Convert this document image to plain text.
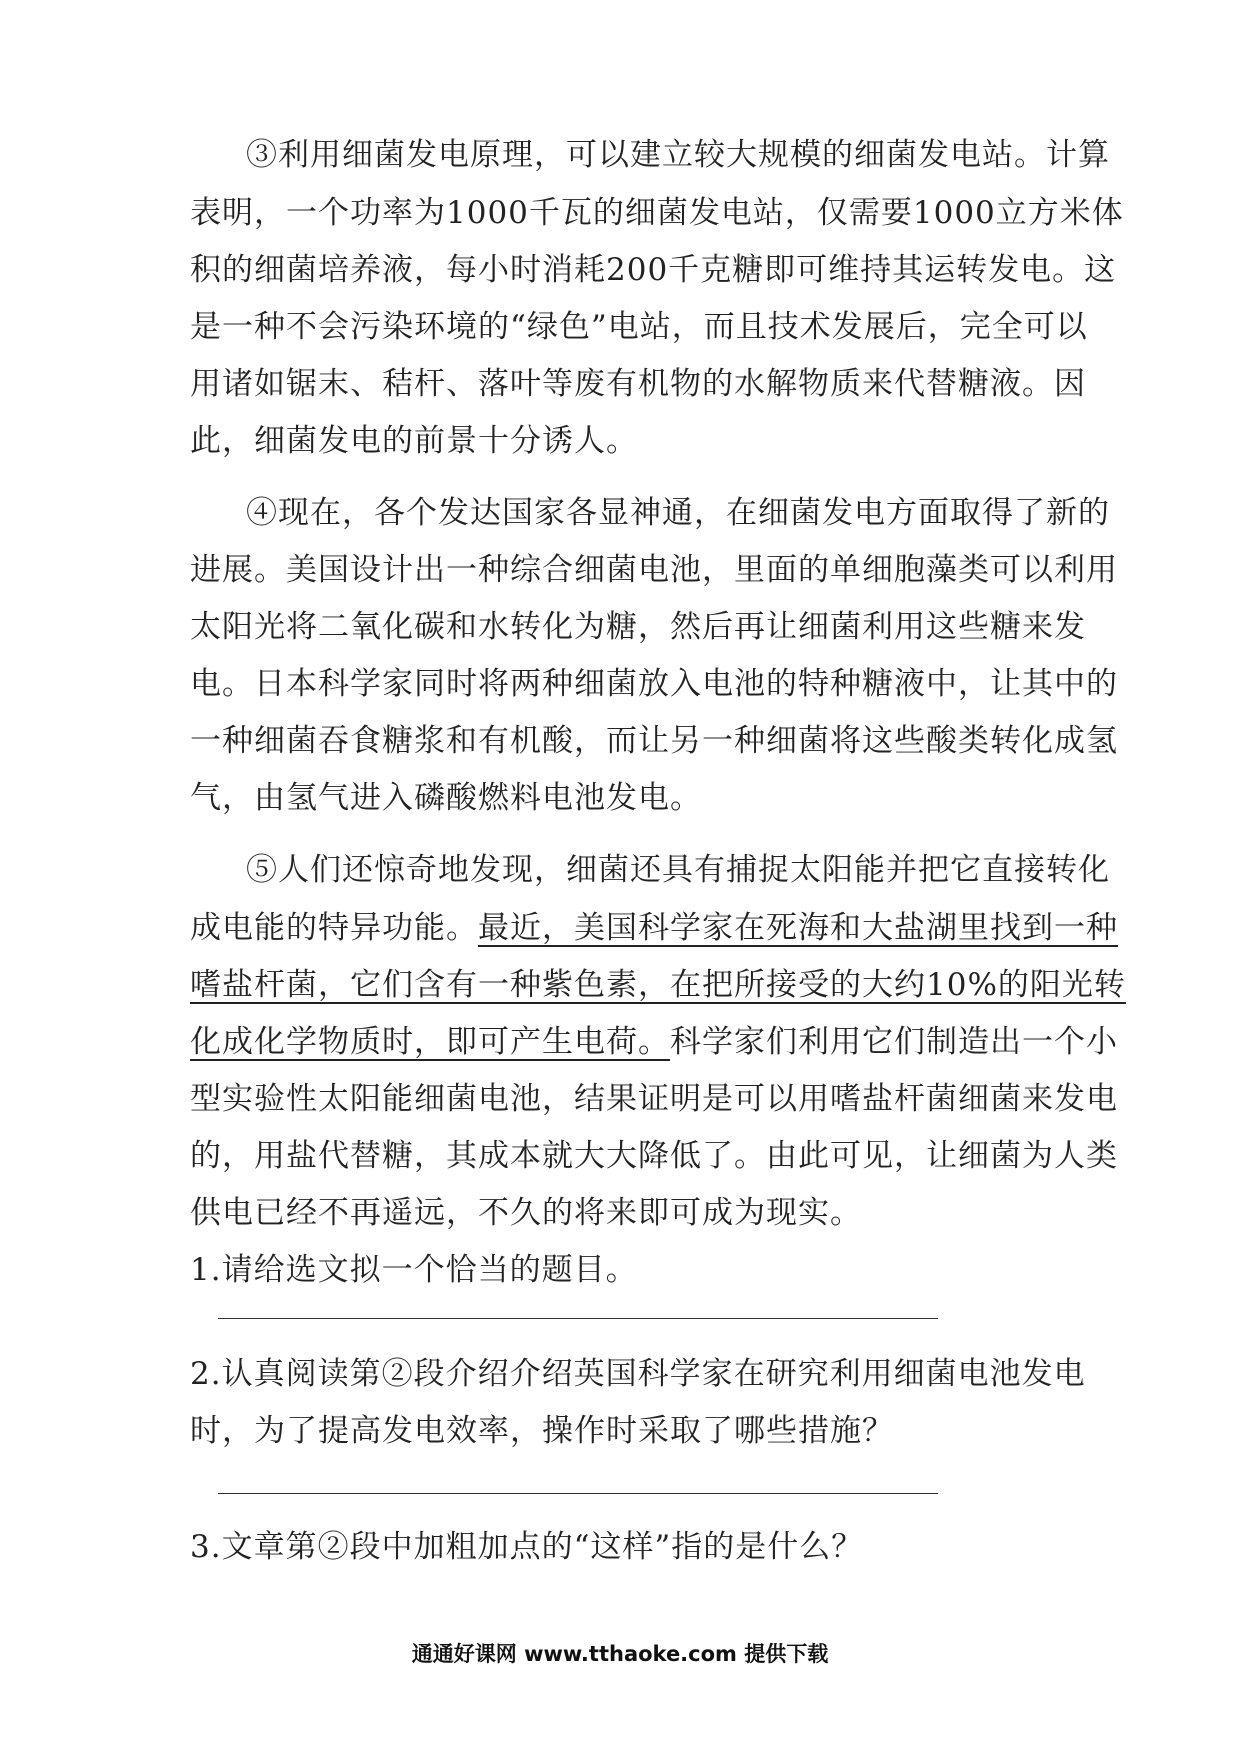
③利用细菌发电原理，可以建立较大规模的细菌发电站。计算
表明，一个功率为1000千瓦的细菌发电站，仅需要1000立方米体
积的细菌培养液，每小时消耗200千克糖即可维持其运转发电。这
是一种不会污染环境的“绿色”电站，而且技术发展后，完全可以
用诸如锯末、秸杆、落叶等废有机物的水解物质来代替糖液。因
此，细菌发电的前景十分诱人。
④现在，各个发达国家各显神通，在细菌发电方面取得了新的
进展。美国设计出一种综合细菌电池，里面的单细胞藻类可以利用
太阳光将二氧化碳和水转化为糖，然后再让细菌利用这些糖来发
电。日本科学家同时将两种细菌放入电池的特种糖液中，让其中的
一种细菌吞食糖浆和有机酸，而让另一种细菌将这些酸类转化成氢
气，由氢气进入磷酸燃料电池发电。
⑤人们还惊奇地发现，细菌还具有捕捉太阳能并把它直接转化
成电能的特异功能。最近，美国科学家在死海和大盐湖里找到一种
嗜盐杆菌，它们含有一种紫色素，在把所接受的大约10%的阳光转
化成化学物质时，即可产生电荷。科学家们利用它们制造出一个小
型实验性太阳能细菌电池，结果证明是可以用嗜盐杆菌细菌来发电
的，用盐代替糖，其成本就大大降低了。由此可见，让细菌为人类
供电已经不再遥远，不久的将来即可成为现实。
1.请给选文拟一个恰当的题目。
2.认真阅读第②段介绍介绍英国科学家在研究利用细菌电池发电
时，为了提高发电效率，操作时采取了哪些措施？
3.文章第②段中加粗加点的“这样”指的是什么？
通通好课网 www.tthaoke.com 提供下载
